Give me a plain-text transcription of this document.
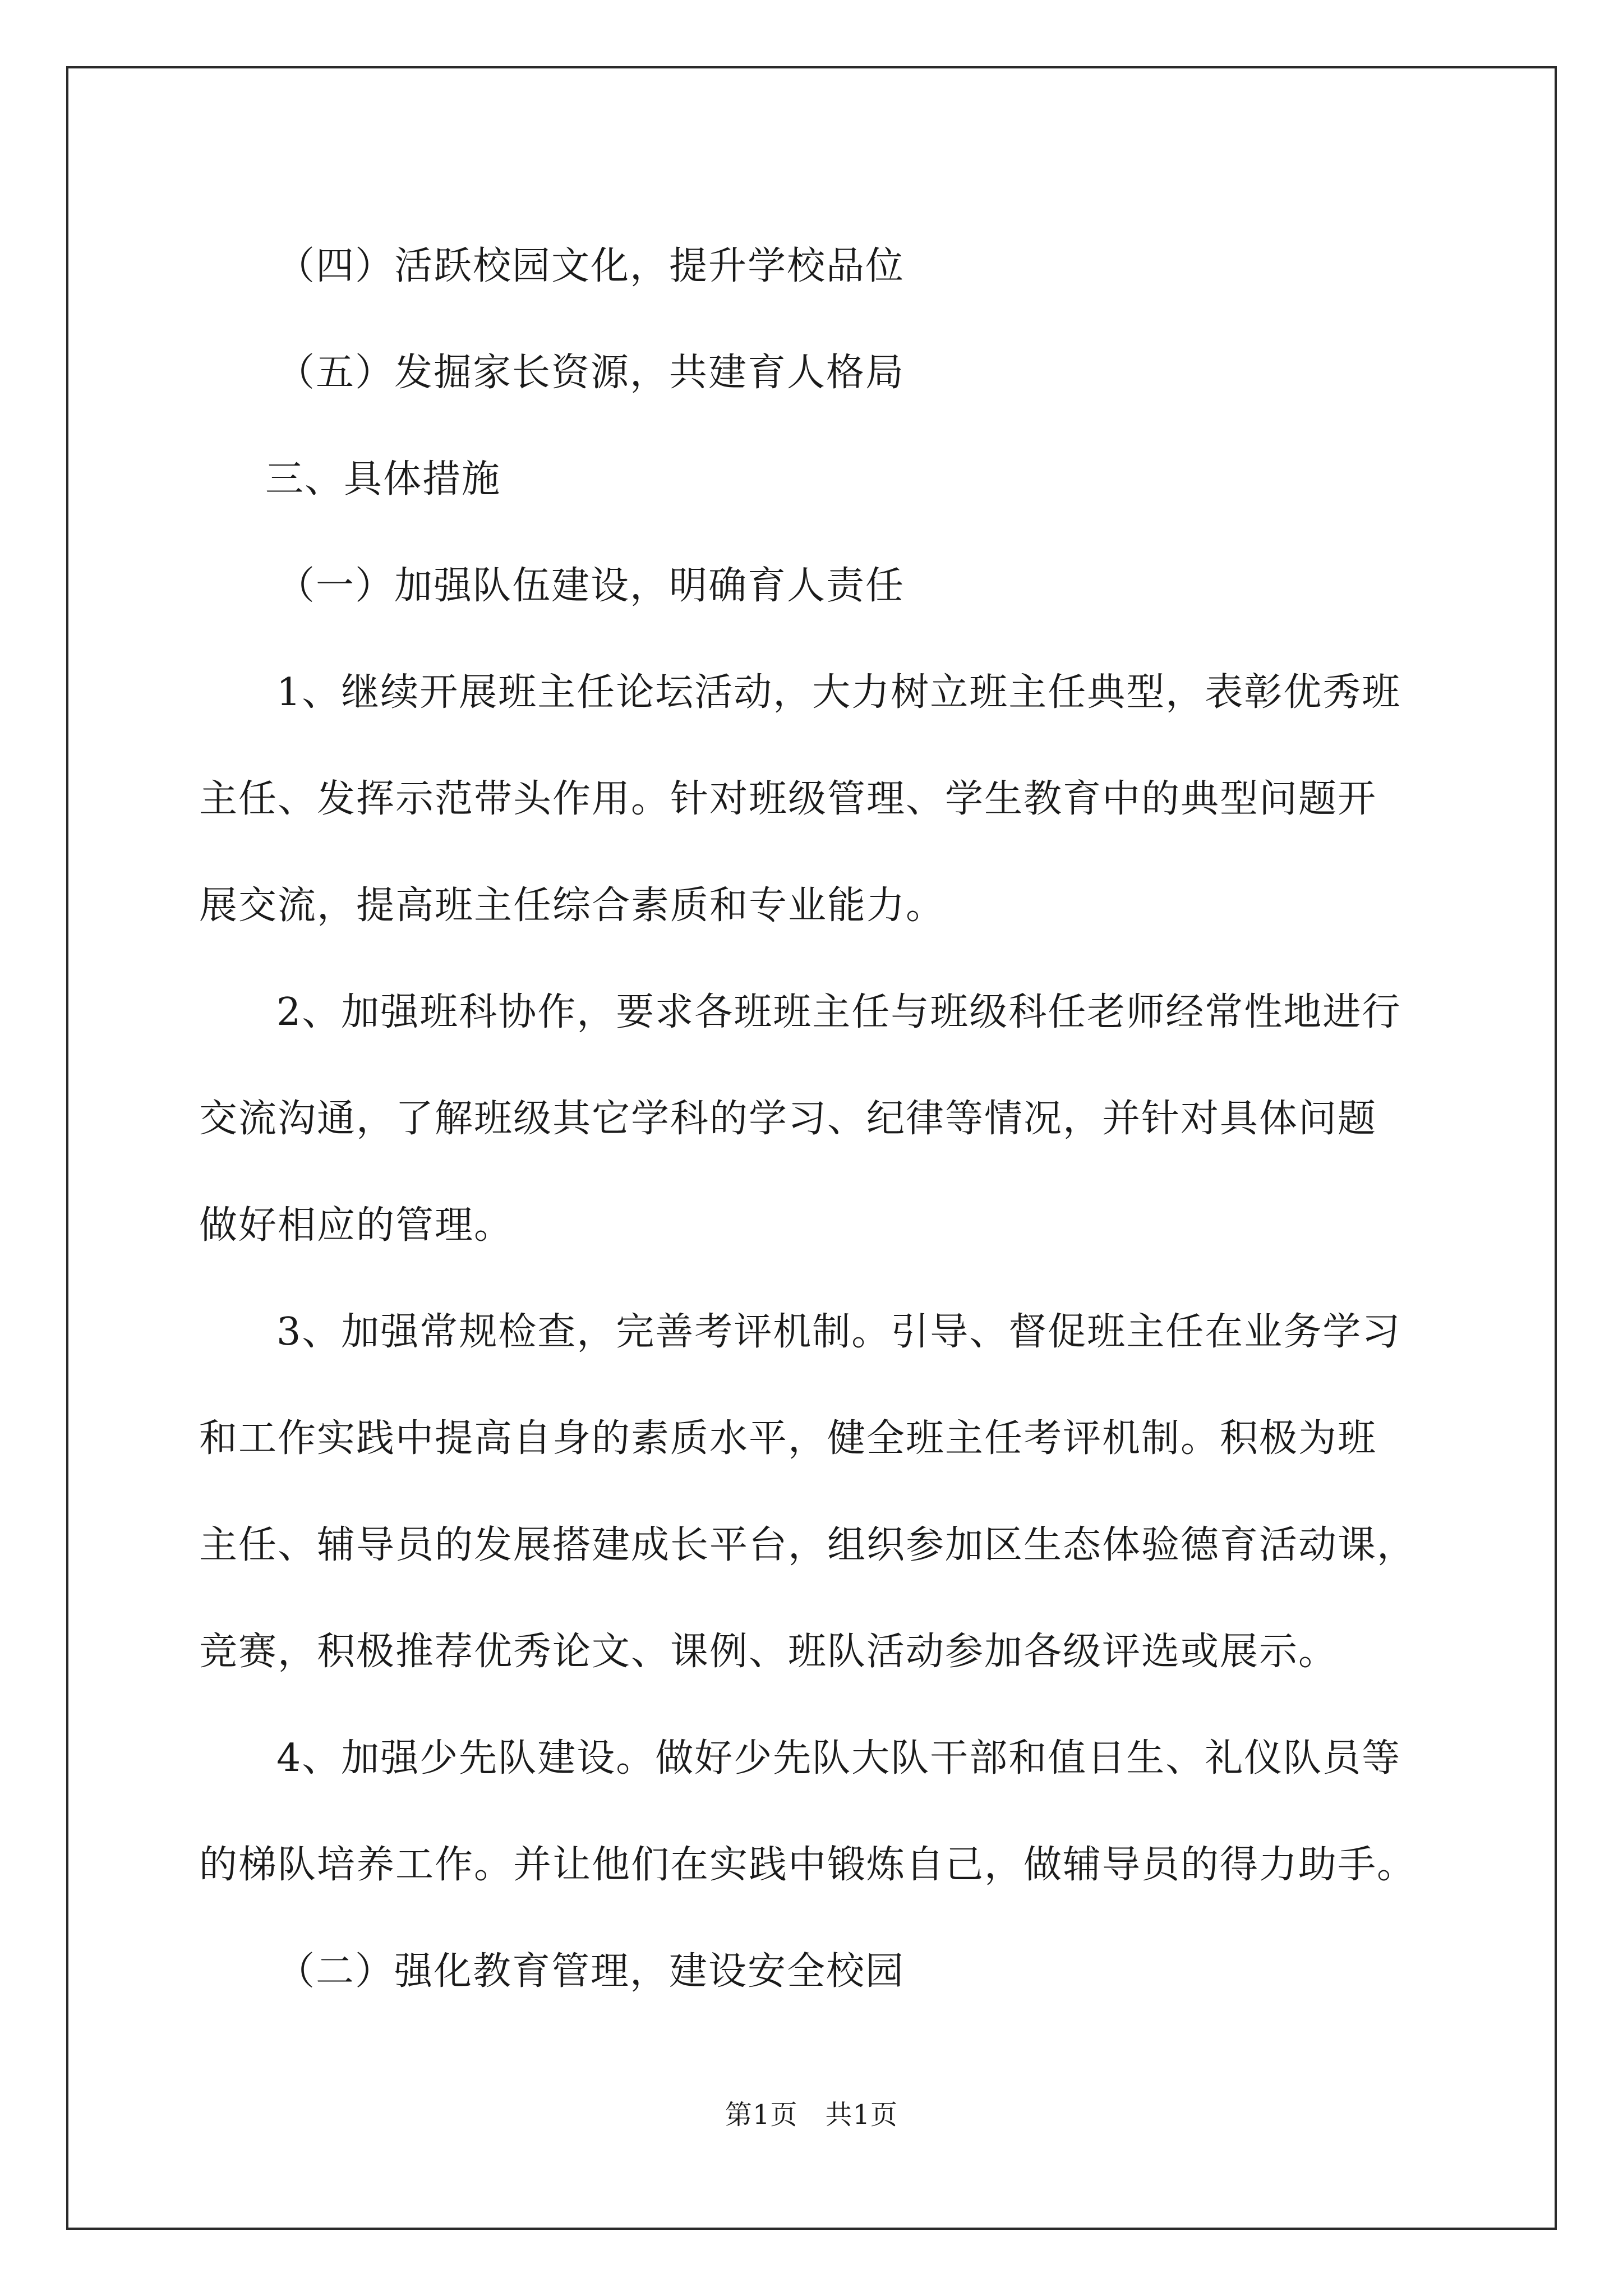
（四）活跃校园文化，提升学校品位

（五）发掘家长资源，共建育人格局

三、具体措施

（一）加强队伍建设，明确育人责任

1、继续开展班主任论坛活动，大力树立班主任典型，表彰优秀班

主任、发挥示范带头作用。针对班级管理、学生教育中的典型问题开

展交流，提高班主任综合素质和专业能力。

2、加强班科协作，要求各班班主任与班级科任老师经常性地进行

交流沟通，了解班级其它学科的学习、纪律等情况，并针对具体问题

做好相应的管理。

3、加强常规检查，完善考评机制。引导、督促班主任在业务学习

和工作实践中提高自身的素质水平，健全班主任考评机制。积极为班

主任、辅导员的发展搭建成长平台，组织参加区生态体验德育活动课，

竞赛，积极推荐优秀论文、课例、班队活动参加各级评选或展示。

4、加强少先队建设。做好少先队大队干部和值日生、礼仪队员等

的梯队培养工作。并让他们在实践中锻炼自己，做辅导员的得力助手。

（二）强化教育管理，建设安全校园

第1页　共1页
